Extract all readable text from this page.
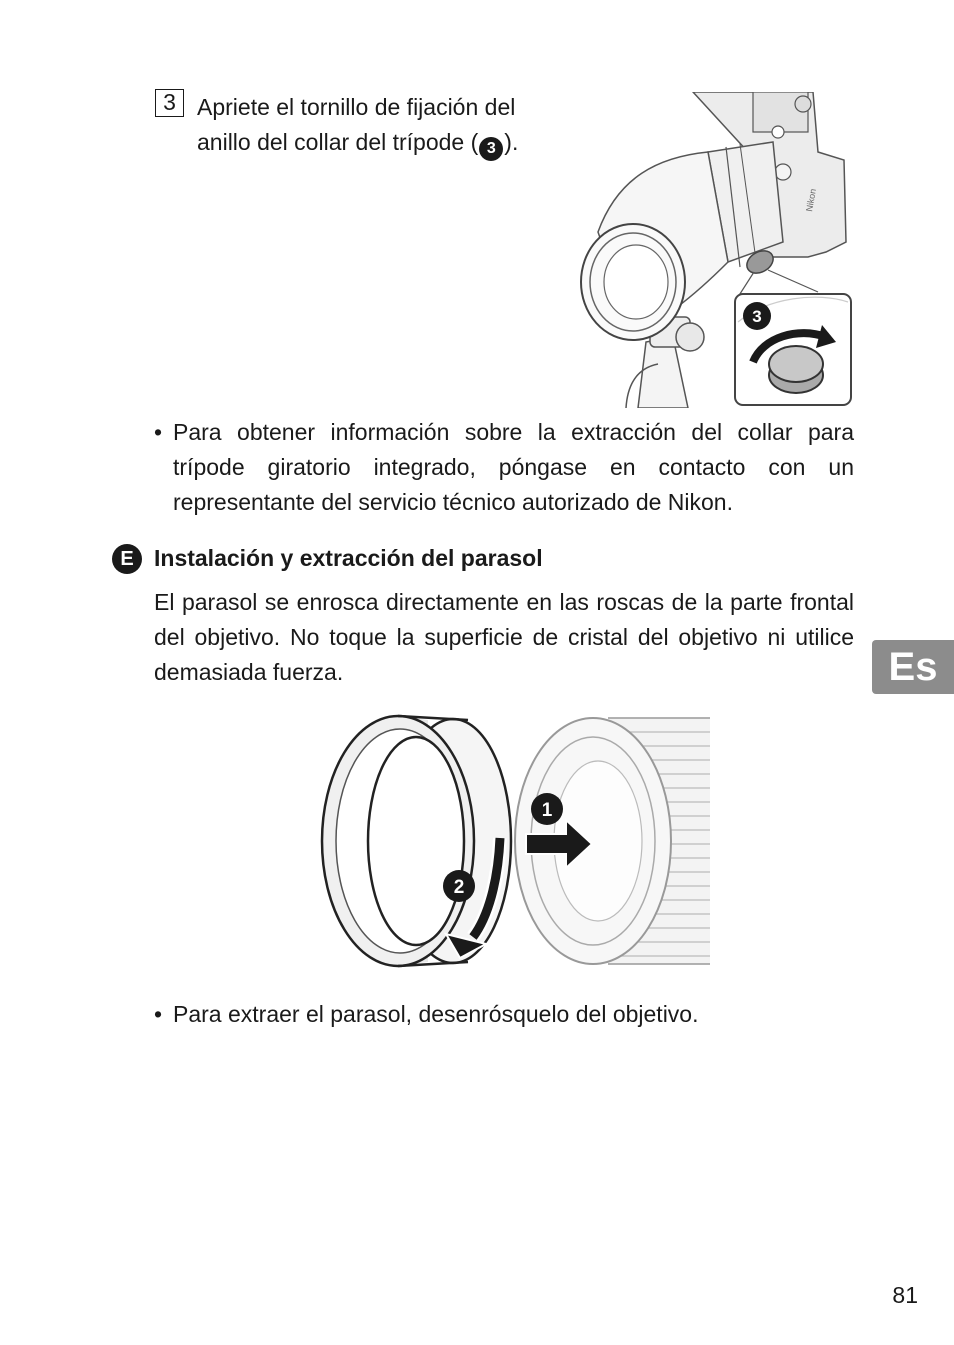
3 Apriete el tornillo de fijación del
anillo del collar del trípode ( 3 ).
Nikon
3
• Para obtener información sobre la extracción del collar para trípode giratorio integrado, póngase en contacto con un representante del servicio técnico autorizado de Nikon.
E Instalación y extracción del parasol
El parasol se enrosca directamente en las roscas de la parte frontal del objetivo. No toque la superficie de cristal del objetivo ni utilice demasiada fuerza.
1
2
• Para extraer el parasol, desenrósquelo del objetivo.
Es
81
